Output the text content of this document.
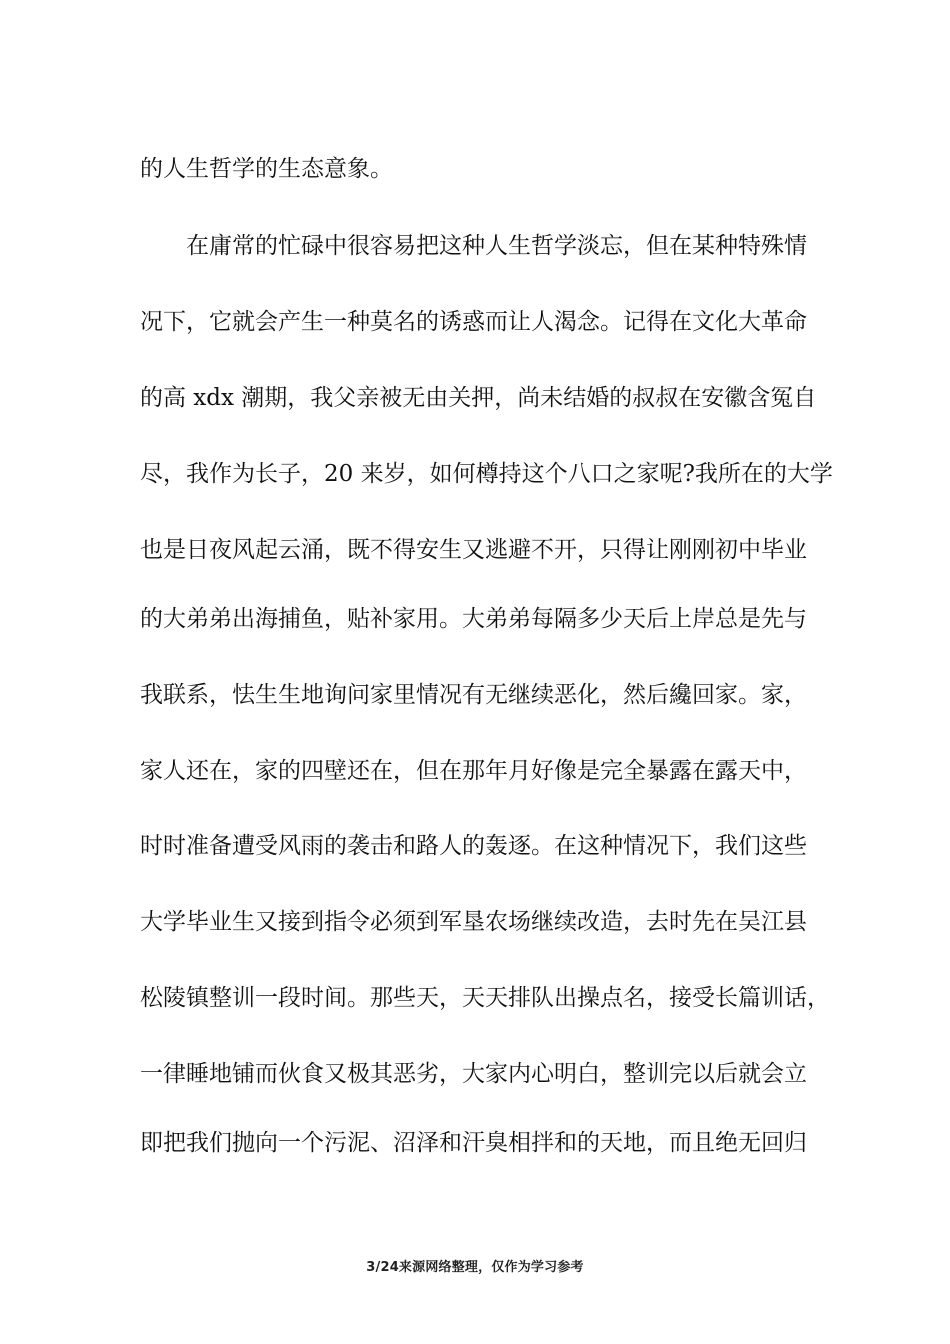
的人生哲学的生态意象。
在庸常的忙碌中很容易把这种人生哲学淡忘，但在某种特殊情
况下，它就会产生一种莫名的诱惑而让人渴念。记得在文化大革命
的高 xdx 潮期，我父亲被无由关押，尚未结婚的叔叔在安徽含冤自
尽，我作为长子，20 来岁，如何樽持这个八口之家呢?我所在的大学
也是日夜风起云涌，既不得安生又逃避不开，只得让刚刚初中毕业
的大弟弟出海捕鱼，贴补家用。大弟弟每隔多少天后上岸总是先与
我联系，怯生生地询问家里情况有无继续恶化，然后纔回家。家，
家人还在，家的四壁还在，但在那年月好像是完全暴露在露天中，
时时准备遭受风雨的袭击和路人的轰逐。在这种情况下，我们这些
大学毕业生又接到指令必须到军垦农场继续改造，去时先在吴江县
松陵镇整训一段时间。那些天，天天排队出操点名，接受长篇训话，
一律睡地铺而伙食又极其恶劣，大家内心明白，整训完以后就会立
即把我们抛向一个污泥、沼泽和汗臭相拌和的天地，而且绝无回归
3/24来源网络整理，仅作为学习参考
